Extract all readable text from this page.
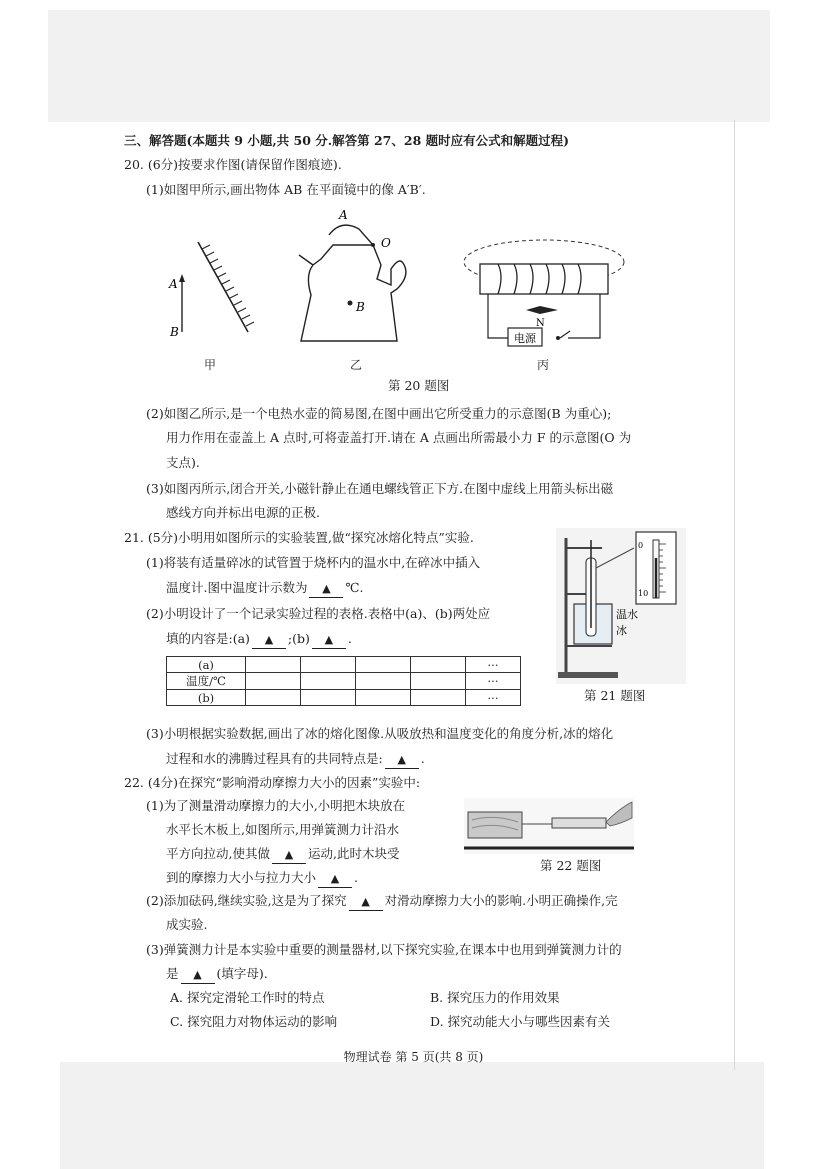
三、解答题(本题共 9 小题,共 50 分.解答第 27、28 题时应有公式和解题过程)
20. (6分)按要求作图(请保留作图痕迹).
(1)如图甲所示,画出物体 AB 在平面镜中的像 A′B′.
A
B
甲
A
O
B
乙
电源
N
丙
第 20 题图
(2)如图乙所示,是一个电热水壶的简易图,在图中画出它所受重力的示意图(B 为重心);
用力作用在壶盖上 A 点时,可将壶盖打开.请在 A 点画出所需最小力 F 的示意图(O 为
支点).
(3)如图丙所示,闭合开关,小磁针静止在通电螺线管正下方.在图中虚线上用箭头标出磁
感线方向并标出电源的正极.
21. (5分)小明用如图所示的实验装置,做“探究冰熔化特点”实验.
(1)将装有适量碎冰的试管置于烧杯内的温水中,在碎冰中插入
温度计.图中温度计示数为 ▲ ℃.
(2)小明设计了一个记录实验过程的表格.表格中(a)、(b)两处应
填的内容是:(a) ▲ ;(b) ▲ .
(a)					···
温度/℃					···
(b)					···
0
10
温水
冰
第 21 题图
(3)小明根据实验数据,画出了冰的熔化图像.从吸放热和温度变化的角度分析,冰的熔化
过程和水的沸腾过程具有的共同特点是: ▲ .
22. (4分)在探究“影响滑动摩擦力大小的因素”实验中:
(1)为了测量滑动摩擦力的大小,小明把木块放在
水平长木板上,如图所示,用弹簧测力计沿水
平方向拉动,使其做 ▲ 运动,此时木块受
到的摩擦力大小与拉力大小 ▲ .
第 22 题图
(2)添加砝码,继续实验,这是为了探究 ▲ 对滑动摩擦力大小的影响.小明正确操作,完
成实验.
(3)弹簧测力计是本实验中重要的测量器材,以下探究实验,在课本中也用到弹簧测力计的
是 ▲ (填字母).
A. 探究定滑轮工作时的特点	B. 探究压力的作用效果
C. 探究阻力对物体运动的影响	D. 探究动能大小与哪些因素有关
物理试卷 第 5 页(共 8 页)
